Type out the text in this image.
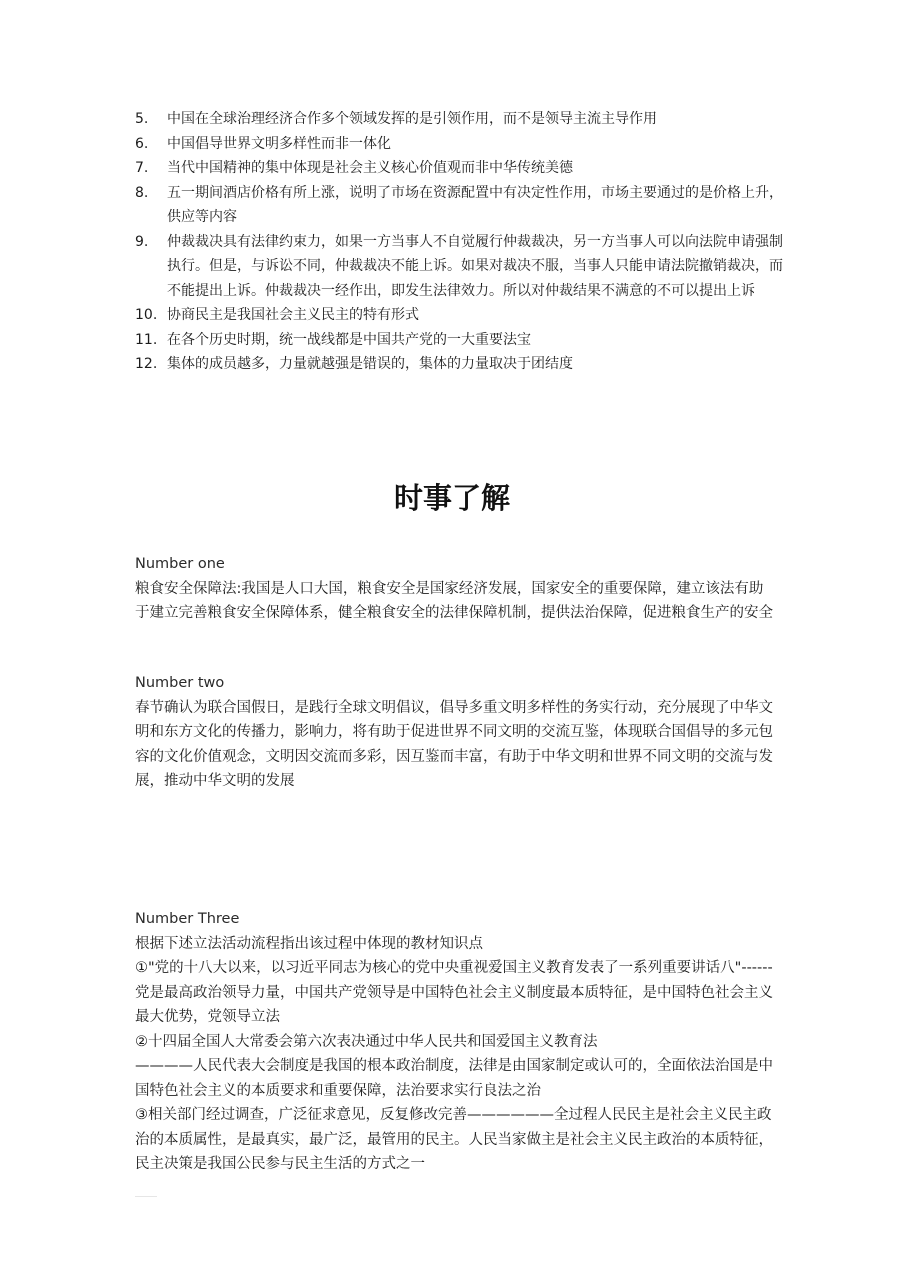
5.	中国在全球治理经济合作多个领域发挥的是引领作用，而不是领导主流主导作用
6.	中国倡导世界文明多样性而非一体化
7.	当代中国精神的集中体现是社会主义核心价值观而非中华传统美德
8.	五一期间酒店价格有所上涨，说明了市场在资源配置中有决定性作用，市场主要通过的是价格上升，供应等内容
9.	仲裁裁决具有法律约束力，如果一方当事人不自觉履行仲裁裁决，另一方当事人可以向法院申请强制执行。但是，与诉讼不同，仲裁裁决不能上诉。如果对裁决不服，当事人只能申请法院撤销裁决，而不能提出上诉。仲裁裁决一经作出，即发生法律效力。所以对仲裁结果不满意的不可以提出上诉
10. 协商民主是我国社会主义民主的特有形式
11. 在各个历史时期，统一战线都是中国共产党的一大重要法宝
12. 集体的成员越多，力量就越强是错误的，集体的力量取决于团结度
时事了解
Number one

粮食安全保障法:我国是人口大国，粮食安全是国家经济发展，国家安全的重要保障，建立该法有助于建立完善粮食安全保障体系，健全粮食安全的法律保障机制，提供法治保障，促进粮食生产的安全

Number two

春节确认为联合国假日，是践行全球文明倡议，倡导多重文明多样性的务实行动，充分展现了中华文明和东方文化的传播力，影响力，将有助于促进世界不同文明的交流互鉴，体现联合国倡导的多元包容的文化价值观念，文明因交流而多彩，因互鉴而丰富，有助于中华文明和世界不同文明的交流与发展，推动中华文明的发展

Number Three

根据下述立法活动流程指出该过程中体现的教材知识点

①"党的十八大以来，以习近平同志为核心的党中央重视爱国主义教育发表了一系列重要讲话八"------党是最高政治领导力量，中国共产党领导是中国特色社会主义制度最本质特征，是中国特色社会主义最大优势，党领导立法

②十四届全国人大常委会第六次表决通过中华人民共和国爱国主义教育法

————人民代表大会制度是我国的根本政治制度，法律是由国家制定或认可的，全面依法治国是中国特色社会主义的本质要求和重要保障，法治要求实行良法之治

③相关部门经过调查，广泛征求意见，反复修改完善——————全过程人民民主是社会主义民主政治的本质属性，是最真实，最广泛，最管用的民主。人民当家做主是社会主义民主政治的本质特征，民主决策是我国公民参与民主生活的方式之一
